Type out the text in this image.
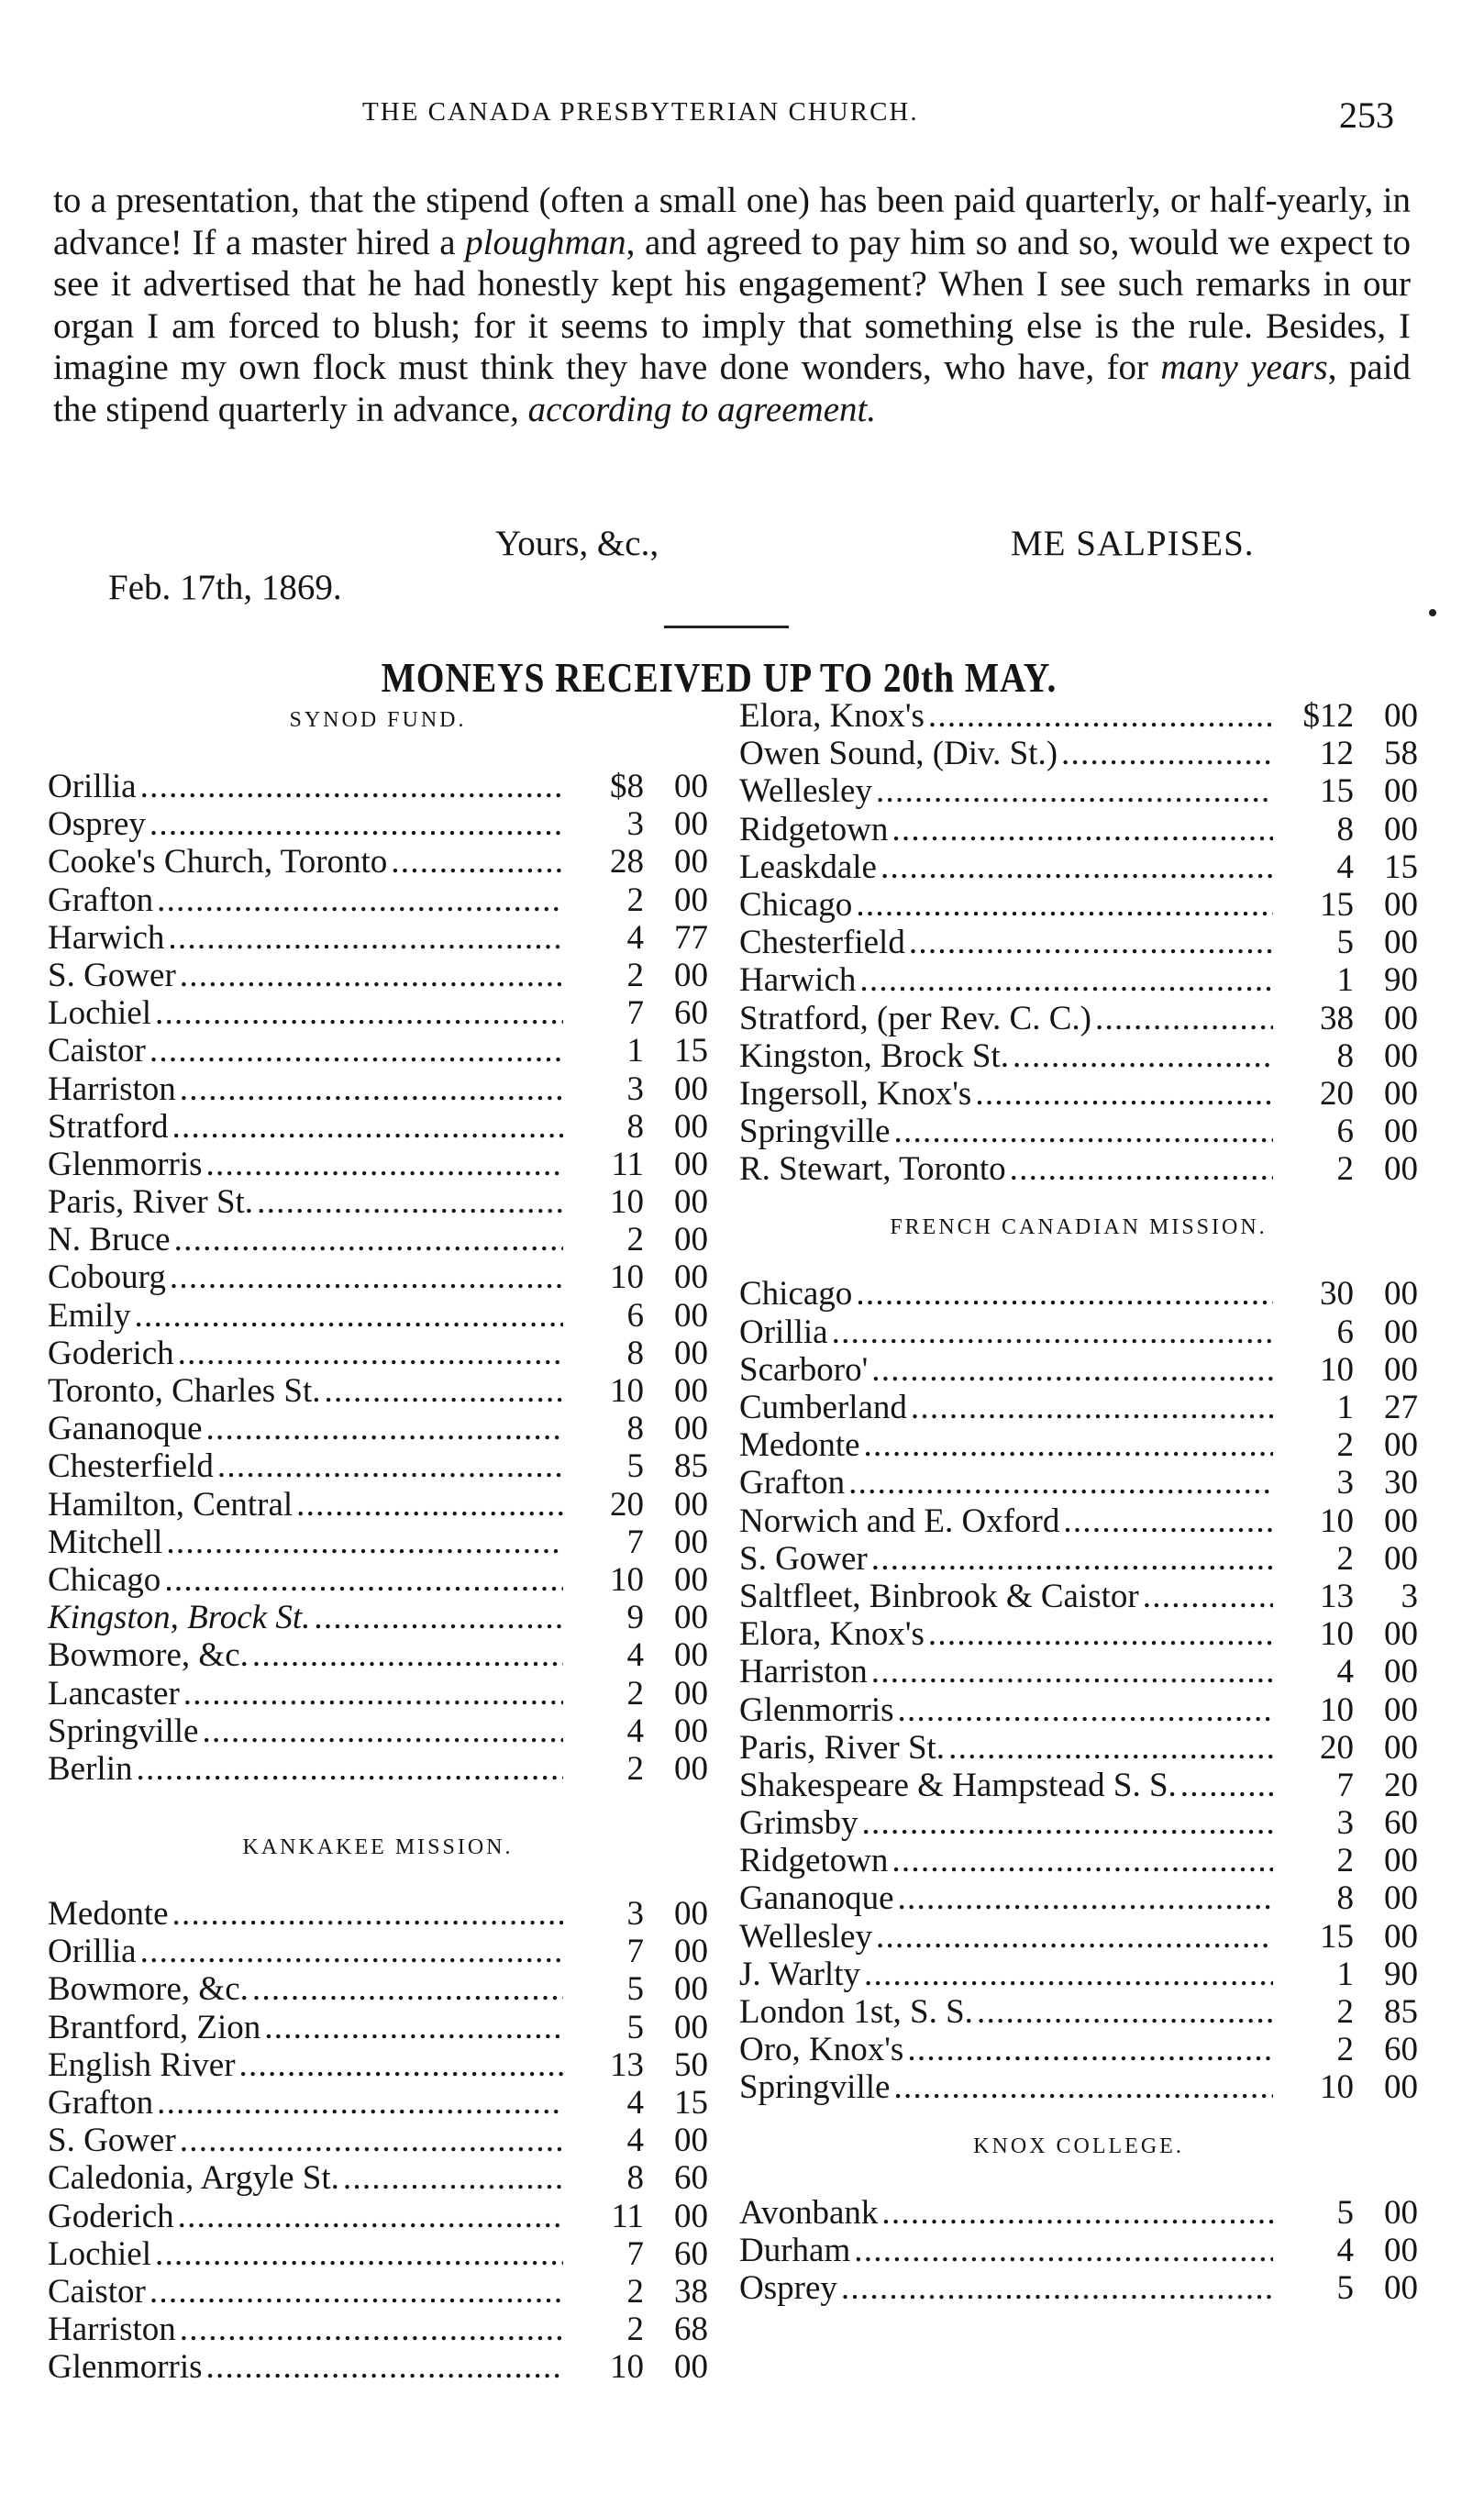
THE CANADA PRESBYTERIAN CHURCH.	253

to a presentation, that the stipend (often a small one) has been paid quarterly, or half-yearly, in advance! If a master hired a ploughman, and agreed to pay him so and so, would we expect to see it advertised that he had honestly kept his engagement? When I see such remarks in our organ I am forced to blush; for it seems to imply that something else is the rule. Besides, I imagine my own flock must think they have done wonders, who have, for many years, paid the stipend quarterly in advance, according to agreement.

Yours, &c.,	ME SALPISES.
Feb. 17th, 1869.
MONEYS RECEIVED UP TO 20th MAY.
SYNOD FUND.
Orillia . . .	$8 00
Osprey . . .	3 00
Cooke's Church, Toronto . . .	28 00
Grafton . . .	2 00
Harwich . . .	4 77
S. Gower . . .	2 00
Lochiel . . .	7 60
Caistor . . .	1 15
Harriston . . .	3 00
Stratford . . .	8 00
Glenmorris . . .	11 00
Paris, River St. . . .	10 00
N. Bruce . . .	2 00
Cobourg . . .	10 00
Emily . . .	6 00
Goderich . . .	8 00
Toronto, Charles St. . . .	10 00
Gananoque . . .	8 00
Chesterfield . . .	5 85
Hamilton, Central . . .	20 00
Mitchell . . .	7 00
Chicago . . .	10 00
Kingston, Brock St. . . .	9 00
Bowmore, &c. . . .	4 00
Lancaster . . .	2 00
Springville . . .	4 00
Berlin . . .	2 00
KANKAKEE MISSION.
Medonte . . .	3 00
Orillia . . .	7 00
Bowmore, &c. . . .	5 00
Brantford, Zion . . .	5 00
English River . . .	13 50
Grafton . . .	4 15
S. Gower . . .	4 00
Caledonia, Argyle St. . . .	8 60
Goderich . . .	11 00
Lochiel . . .	7 60
Caistor . . .	2 38
Harriston . . .	2 68
Glenmorris . . .	10 00
Elora, Knox's . . .	$12 00
Owen Sound, (Div. St.) . . .	12 58
Wellesley . . .	15 00
Ridgetown . . .	8 00
Leaskdale . . .	4 15
Chicago . . .	15 00
Chesterfield . . .	5 00
Harwich . . .	1 90
Stratford, (per Rev. C. C.) . . .	38 00
Kingston, Brock St. . . .	8 00
Ingersoll, Knox's . . .	20 00
Springville . . .	6 00
R. Stewart, Toronto . . .	2 00
FRENCH CANADIAN MISSION.
Chicago . . .	30 00
Orillia . . .	6 00
Scarboro' . . .	10 00
Cumberland . . .	1 27
Medonte . . .	2 00
Grafton . . .	3 30
Norwich and E. Oxford . . .	10 00
S. Gower . . .	2 00
Saltfleet, Binbrook & Caistor . . .	13	3
Elora, Knox's . . .	10 00
Harriston . . .	4 00
Glenmorris . . .	10 00
Paris, River St. . . .	20 00
Shakespeare & Hampstead S. S. . . .	7 20
Grimsby . . .	3 60
Ridgetown . . .	2 00
Gananoque . . .	8 00
Wellesley . . .	15 00
J. Warlty . . .	1 90
London 1st, S. S. . . .	2 85
Oro, Knox's . . .	2 60
Springville . . .	10 00
KNOX COLLEGE.
Avonbank . . .	5 00
Durham . . .	4 00
Osprey . . .	5 00
